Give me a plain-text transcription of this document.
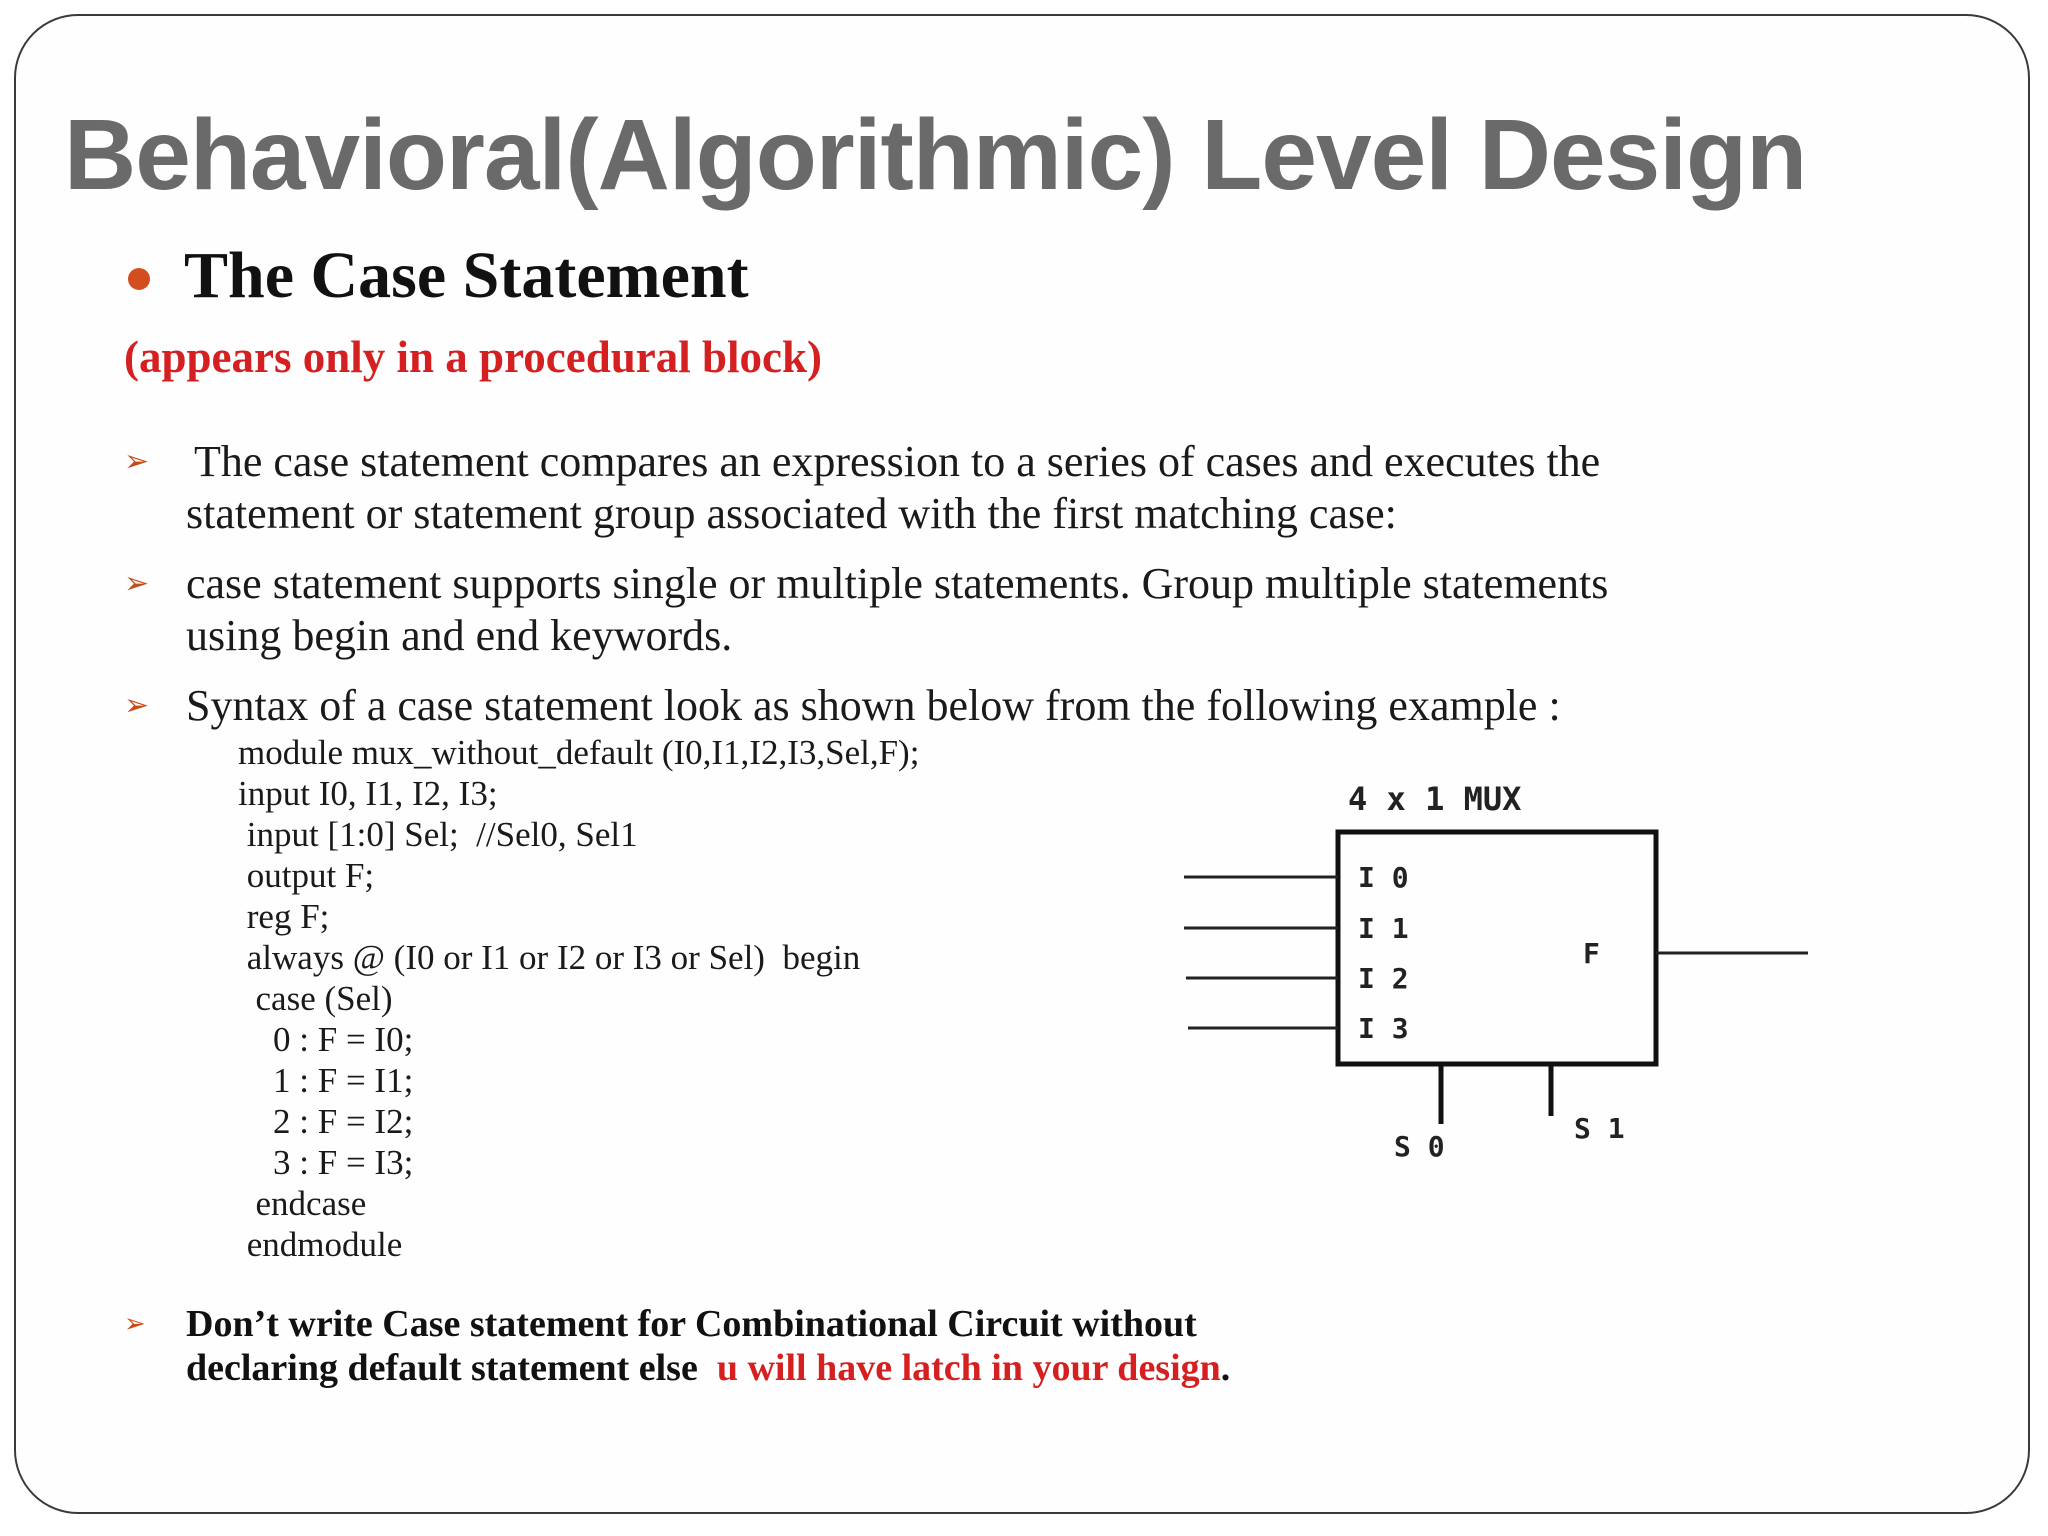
Behavioral(Algorithmic) Level Design
The Case Statement
(appears only in a procedural block)
➢ The case statement compares an expression to a series of cases and executes the
statement or statement group associated with the first matching case:
➢ case statement supports single or multiple statements. Group multiple statements
using begin and end keywords.
➢ Syntax of a case statement look as shown below from the following example :
module mux_without_default (I0,I1,I2,I3,Sel,F);
input I0, I1, I2, I3;
input [1:0] Sel;  //Sel0, Sel1
output F;
reg F;
always @ (I0 or I1 or I2 or I3 or Sel)  begin
case (Sel)
0 : F = I0;
1 : F = I1;
2 : F = I2;
3 : F = I3;
endcase
endmodule
4 x 1 MUX
I 0
I 1
I 2
I 3
F
S 0
S 1
➢ Don’t write Case statement for Combinational Circuit without
declaring default statement else  u will have latch in your design.
